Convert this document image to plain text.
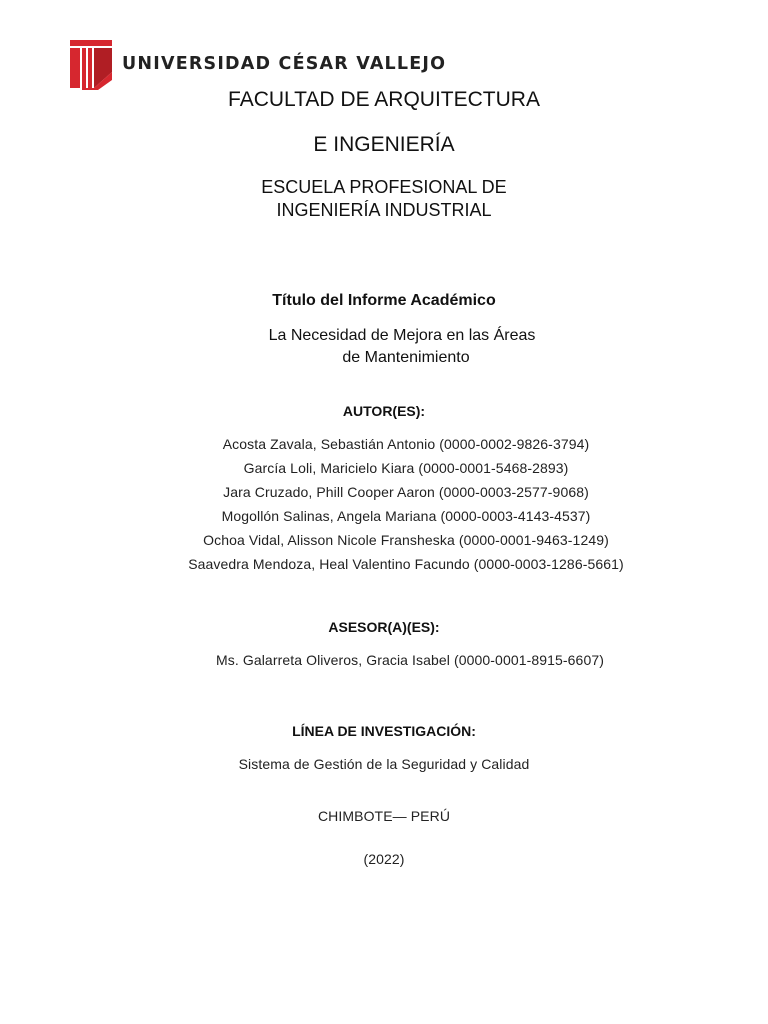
UNIVERSIDAD CÉSAR VALLEJO
FACULTAD DE ARQUITECTURA
E INGENIERÍA
ESCUELA PROFESIONAL DE
INGENIERÍA INDUSTRIAL
Título del Informe Académico
La Necesidad de Mejora en las Áreas
de Mantenimiento
AUTOR(ES):
Acosta Zavala, Sebastián Antonio (0000-0002-9826-3794)
García Loli, Maricielo Kiara (0000-0001-5468-2893)
Jara Cruzado, Phill Cooper Aaron (0000-0003-2577-9068)
Mogollón Salinas, Angela Mariana (0000-0003-4143-4537)
Ochoa Vidal, Alisson Nicole Fransheska (0000-0001-9463-1249)
Saavedra Mendoza, Heal Valentino Facundo (0000-0003-1286-5661)
ASESOR(A)(ES):
Ms. Galarreta Oliveros, Gracia Isabel (0000-0001-8915-6607)
LÍNEA DE INVESTIGACIÓN:
Sistema de Gestión de la Seguridad y Calidad
CHIMBOTE— PERÚ
(2022)
